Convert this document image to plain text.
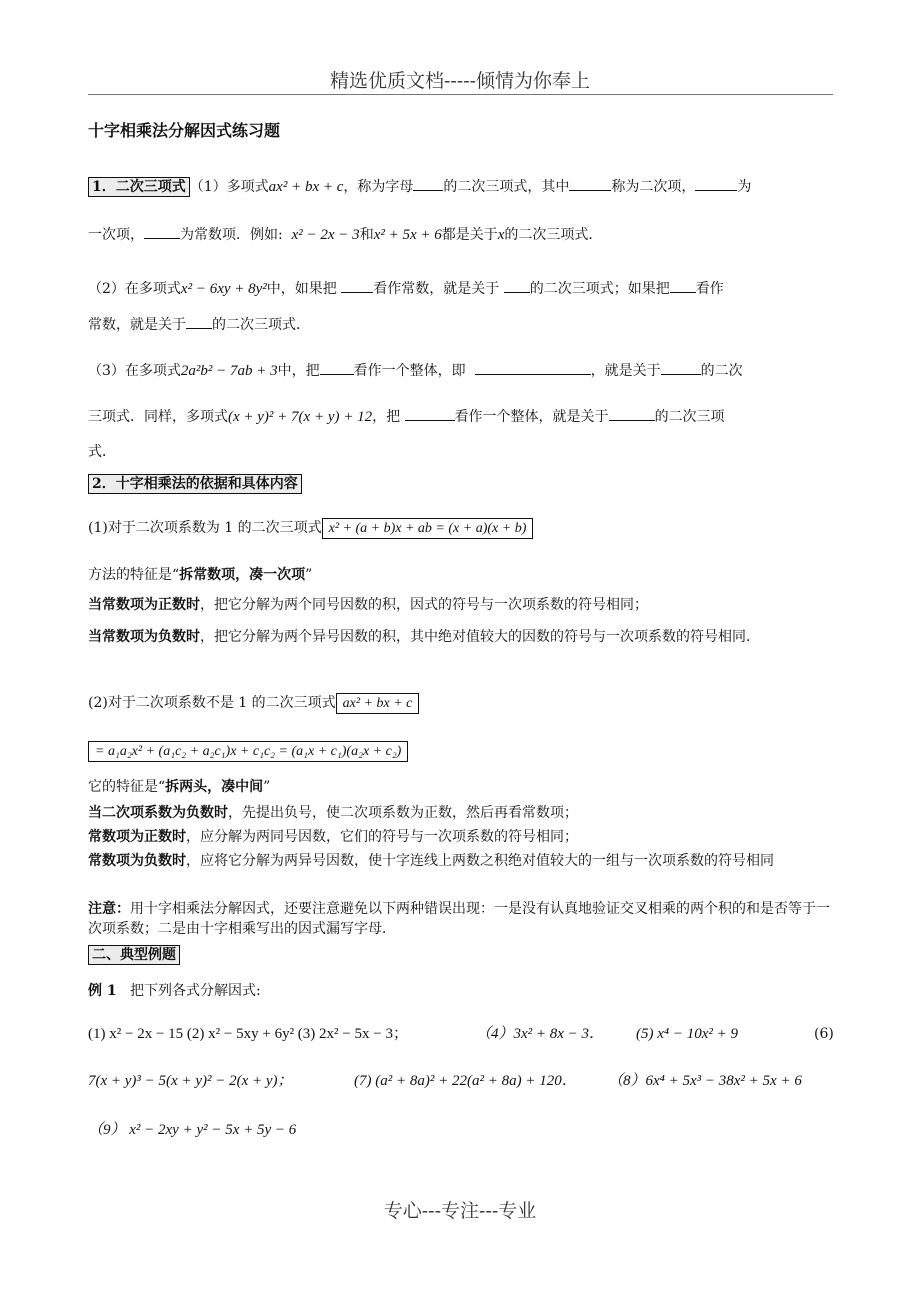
精选优质文档-----倾情为你奉上
十字相乘法分解因式练习题
1．二次三项式 （1）多项式ax² + bx + c，称为字母 的二次三项式，其中	称为二次项，	为
一次项，	为常数项．例如: x² − 2x − 3和x² + 5x + 6都是关于x的二次三项式．
（2）在多项式x² − 6xy + 8y²中，如果把	看作常数，就是关于 的二次三项式；如果把 看作
常数，就是关于 的二次三项式．
（3）在多项式2a²b² − 7ab + 3中，把 看作一个整体，即	，就是关于	的二次
三项式．同样，多项式(x + y)² + 7(x + y) + 12，把	看作一个整体，就是关于	的二次三项
式．
2．十字相乘法的依据和具体内容
(1)对于二次项系数为 1 的二次三项式 x² + (a + b)x + ab = (x + a)(x + b)
方法的特征是“拆常数项，凑一次项”
当常数项为正数时，把它分解为两个同号因数的积，因式的符号与一次项系数的符号相同；
当常数项为负数时，把它分解为两个异号因数的积，其中绝对值较大的因数的符号与一次项系数的符号相同．
(2)对于二次项系数不是 1 的二次三项式 ax² + bx + c
= a₁a₂x² + (a₁c₂ + a₂c₁)x + c₁c₂ = (a₁x + c₁)(a₂x + c₂)
它的特征是“拆两头，凑中间”
当二次项系数为负数时，先提出负号，使二次项系数为正数，然后再看常数项；
常数项为正数时，应分解为两同号因数，它们的符号与一次项系数的符号相同；
常数项为负数时，应将它分解为两异号因数，使十字连线上两数之积绝对值较大的一组与一次项系数的符号相同
注意：用十字相乘法分解因式，还要注意避免以下两种错误出现：一是没有认真地验证交叉相乘的两个积的和是否等于一次项系数；二是由十字相乘写出的因式漏写字母．
二、典型例题
例 1 把下列各式分解因式:
(1) x² − 2x − 15 (2) x² − 5xy + 6y² (3) 2x² − 5x − 3；	（4）3x² + 8x − 3． (5) x⁴ − 10x² + 9	(6)
7(x + y)³ − 5(x + y)² − 2(x + y)；	(7) (a² + 8a)² + 22(a² + 8a) + 120． （8）6x⁴ + 5x³ − 38x² + 5x + 6
（9） x² − 2xy + y² − 5x + 5y − 6
专心---专注---专业
